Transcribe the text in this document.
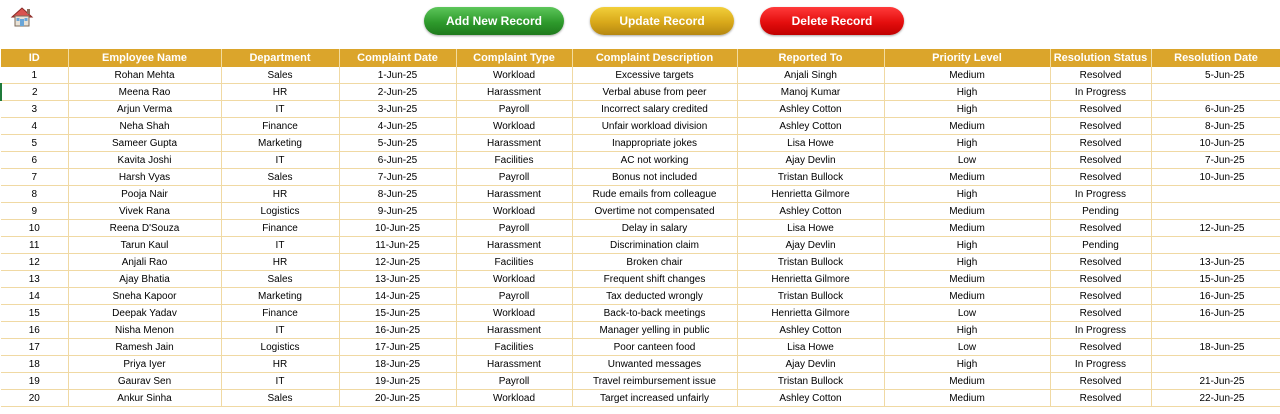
Add New Record	Update Record	Delete Record
ID	Employee Name	Department	Complaint Date	Complaint Type	Complaint Description	Reported To	Priority Level	Resolution Status	Resolution Date
1	Rohan Mehta	Sales	1-Jun-25	Workload	Excessive targets	Anjali Singh	Medium	Resolved	5-Jun-25
2	Meena Rao	HR	2-Jun-25	Harassment	Verbal abuse from peer	Manoj Kumar	High	In Progress	
3	Arjun Verma	IT	3-Jun-25	Payroll	Incorrect salary credited	Ashley Cotton	High	Resolved	6-Jun-25
4	Neha Shah	Finance	4-Jun-25	Workload	Unfair workload division	Ashley Cotton	Medium	Resolved	8-Jun-25
5	Sameer Gupta	Marketing	5-Jun-25	Harassment	Inappropriate jokes	Lisa Howe	High	Resolved	10-Jun-25
6	Kavita Joshi	IT	6-Jun-25	Facilities	AC not working	Ajay Devlin	Low	Resolved	7-Jun-25
7	Harsh Vyas	Sales	7-Jun-25	Payroll	Bonus not included	Tristan Bullock	Medium	Resolved	10-Jun-25
8	Pooja Nair	HR	8-Jun-25	Harassment	Rude emails from colleague	Henrietta Gilmore	High	In Progress	
9	Vivek Rana	Logistics	9-Jun-25	Workload	Overtime not compensated	Ashley Cotton	Medium	Pending	
10	Reena D'Souza	Finance	10-Jun-25	Payroll	Delay in salary	Lisa Howe	Medium	Resolved	12-Jun-25
11	Tarun Kaul	IT	11-Jun-25	Harassment	Discrimination claim	Ajay Devlin	High	Pending	
12	Anjali Rao	HR	12-Jun-25	Facilities	Broken chair	Tristan Bullock	High	Resolved	13-Jun-25
13	Ajay Bhatia	Sales	13-Jun-25	Workload	Frequent shift changes	Henrietta Gilmore	Medium	Resolved	15-Jun-25
14	Sneha Kapoor	Marketing	14-Jun-25	Payroll	Tax deducted wrongly	Tristan Bullock	Medium	Resolved	16-Jun-25
15	Deepak Yadav	Finance	15-Jun-25	Workload	Back-to-back meetings	Henrietta Gilmore	Low	Resolved	16-Jun-25
16	Nisha Menon	IT	16-Jun-25	Harassment	Manager yelling in public	Ashley Cotton	High	In Progress	
17	Ramesh Jain	Logistics	17-Jun-25	Facilities	Poor canteen food	Lisa Howe	Low	Resolved	18-Jun-25
18	Priya Iyer	HR	18-Jun-25	Harassment	Unwanted messages	Ajay Devlin	High	In Progress	
19	Gaurav Sen	IT	19-Jun-25	Payroll	Travel reimbursement issue	Tristan Bullock	Medium	Resolved	21-Jun-25
20	Ankur Sinha	Sales	20-Jun-25	Workload	Target increased unfairly	Ashley Cotton	Medium	Resolved	22-Jun-25
